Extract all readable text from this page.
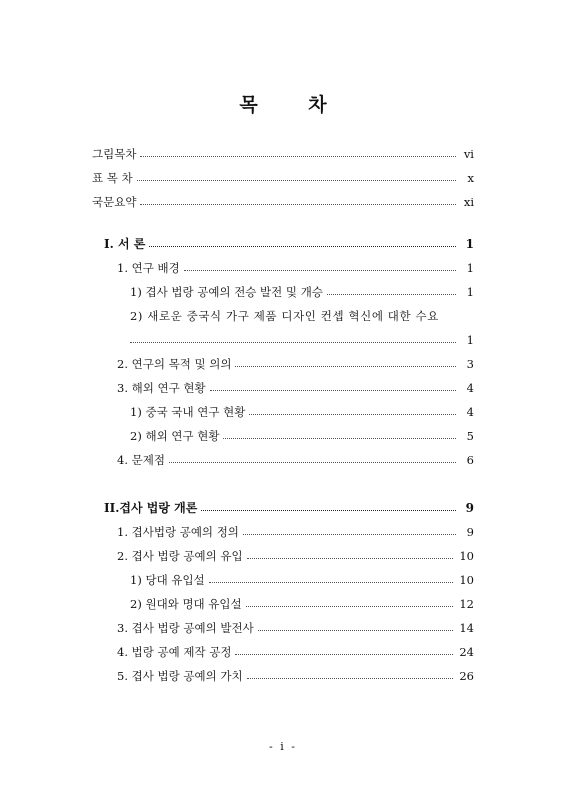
목 차
그림목차	vi
표 목 차	x
국문요약	xi
I. 서 론	1
1. 연구 배경	1
1) 겹사 법랑 공예의 전승 발전 및 개승	1
2) 새로운 중국식 가구 제품 디자인 컨셉 혁신에 대한 수요
1
2. 연구의 목적 및 의의	3
3. 해외 연구 현황	4
1) 중국 국내 연구 현황	4
2) 해외 연구 현황	5
4. 문제점	6
II.겹사 법랑 개론	9
1. 겹사법랑 공예의 정의	9
2. 겹사 법랑 공예의 유입	10
1) 당대 유입설	10
2) 원대와 명대 유입설	12
3. 겹사 법랑 공예의 발전사	14
4. 법랑 공예 제작 공정	24
5. 겹사 법랑 공예의 가치	26
- i -
